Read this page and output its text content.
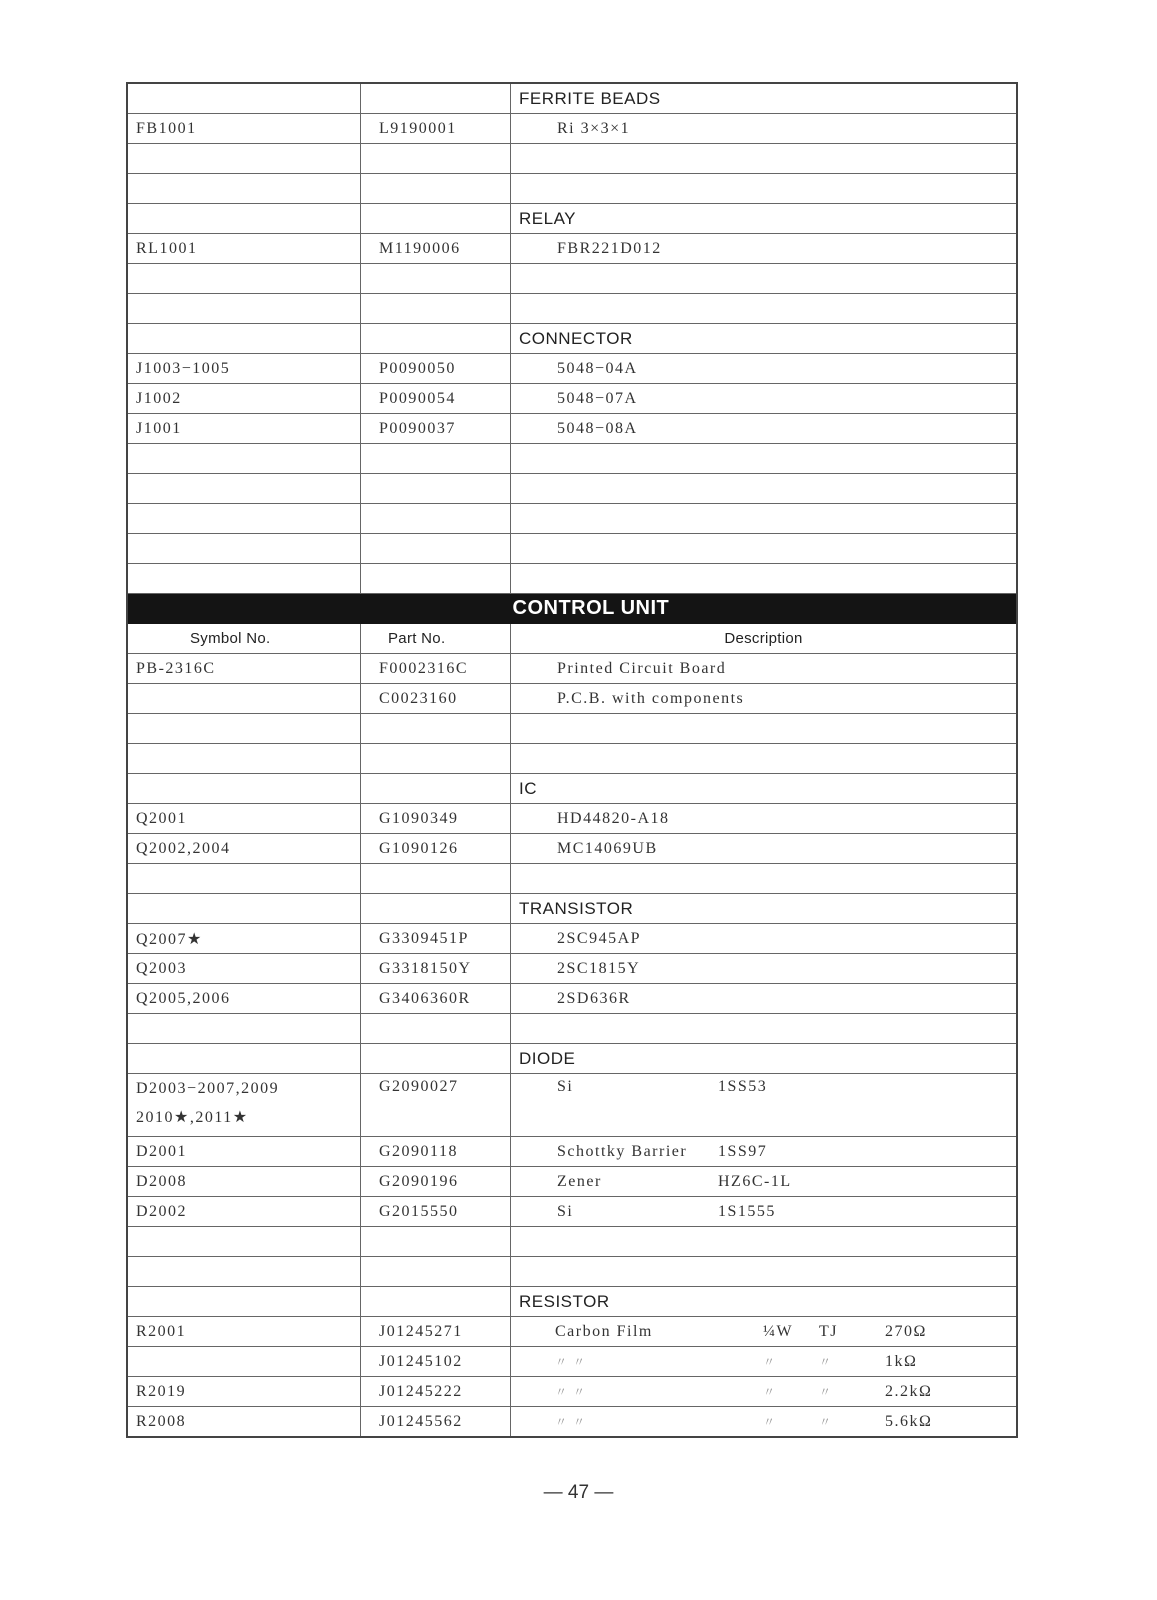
		FERRITE BEADS
FB1001	L9190001	Ri 3×3×1

		RELAY
RL1001	M1190006	FBR221D012

		CONNECTOR
J1003−1005	P0090050	5048−04A
J1002	P0090054	5048−07A
J1001	P0090037	5048−08A

		CONTROL UNIT
Symbol No.	Part No.	Description
PB-2316C	F0002316C	Printed Circuit Board
	C0023160	P.C.B. with components

		IC
Q2001	G1090349	HD44820-A18
Q2002,2004	G1090126	MC14069UB

		TRANSISTOR
Q2007★	G3309451P	2SC945AP
Q2003	G3318150Y	2SC1815Y
Q2005,2006	G3406360R	2SD636R

		DIODE
D2003−2007,2009 2010★,2011★	G2090027	Si 1SS53
D2001	G2090118	Schottky Barrier 1SS97
D2008	G2090196	Zener HZ6C-1L
D2002	G2015550	Si 1S1555

		RESISTOR
R2001	J01245271	Carbon Film ¼W TJ 270Ω
	J01245102	〃 〃 〃 〃 1kΩ
R2019	J01245222	〃 〃 〃 〃 2.2kΩ
R2008	J01245562	〃 〃 〃 〃 5.6kΩ
— 47 —
